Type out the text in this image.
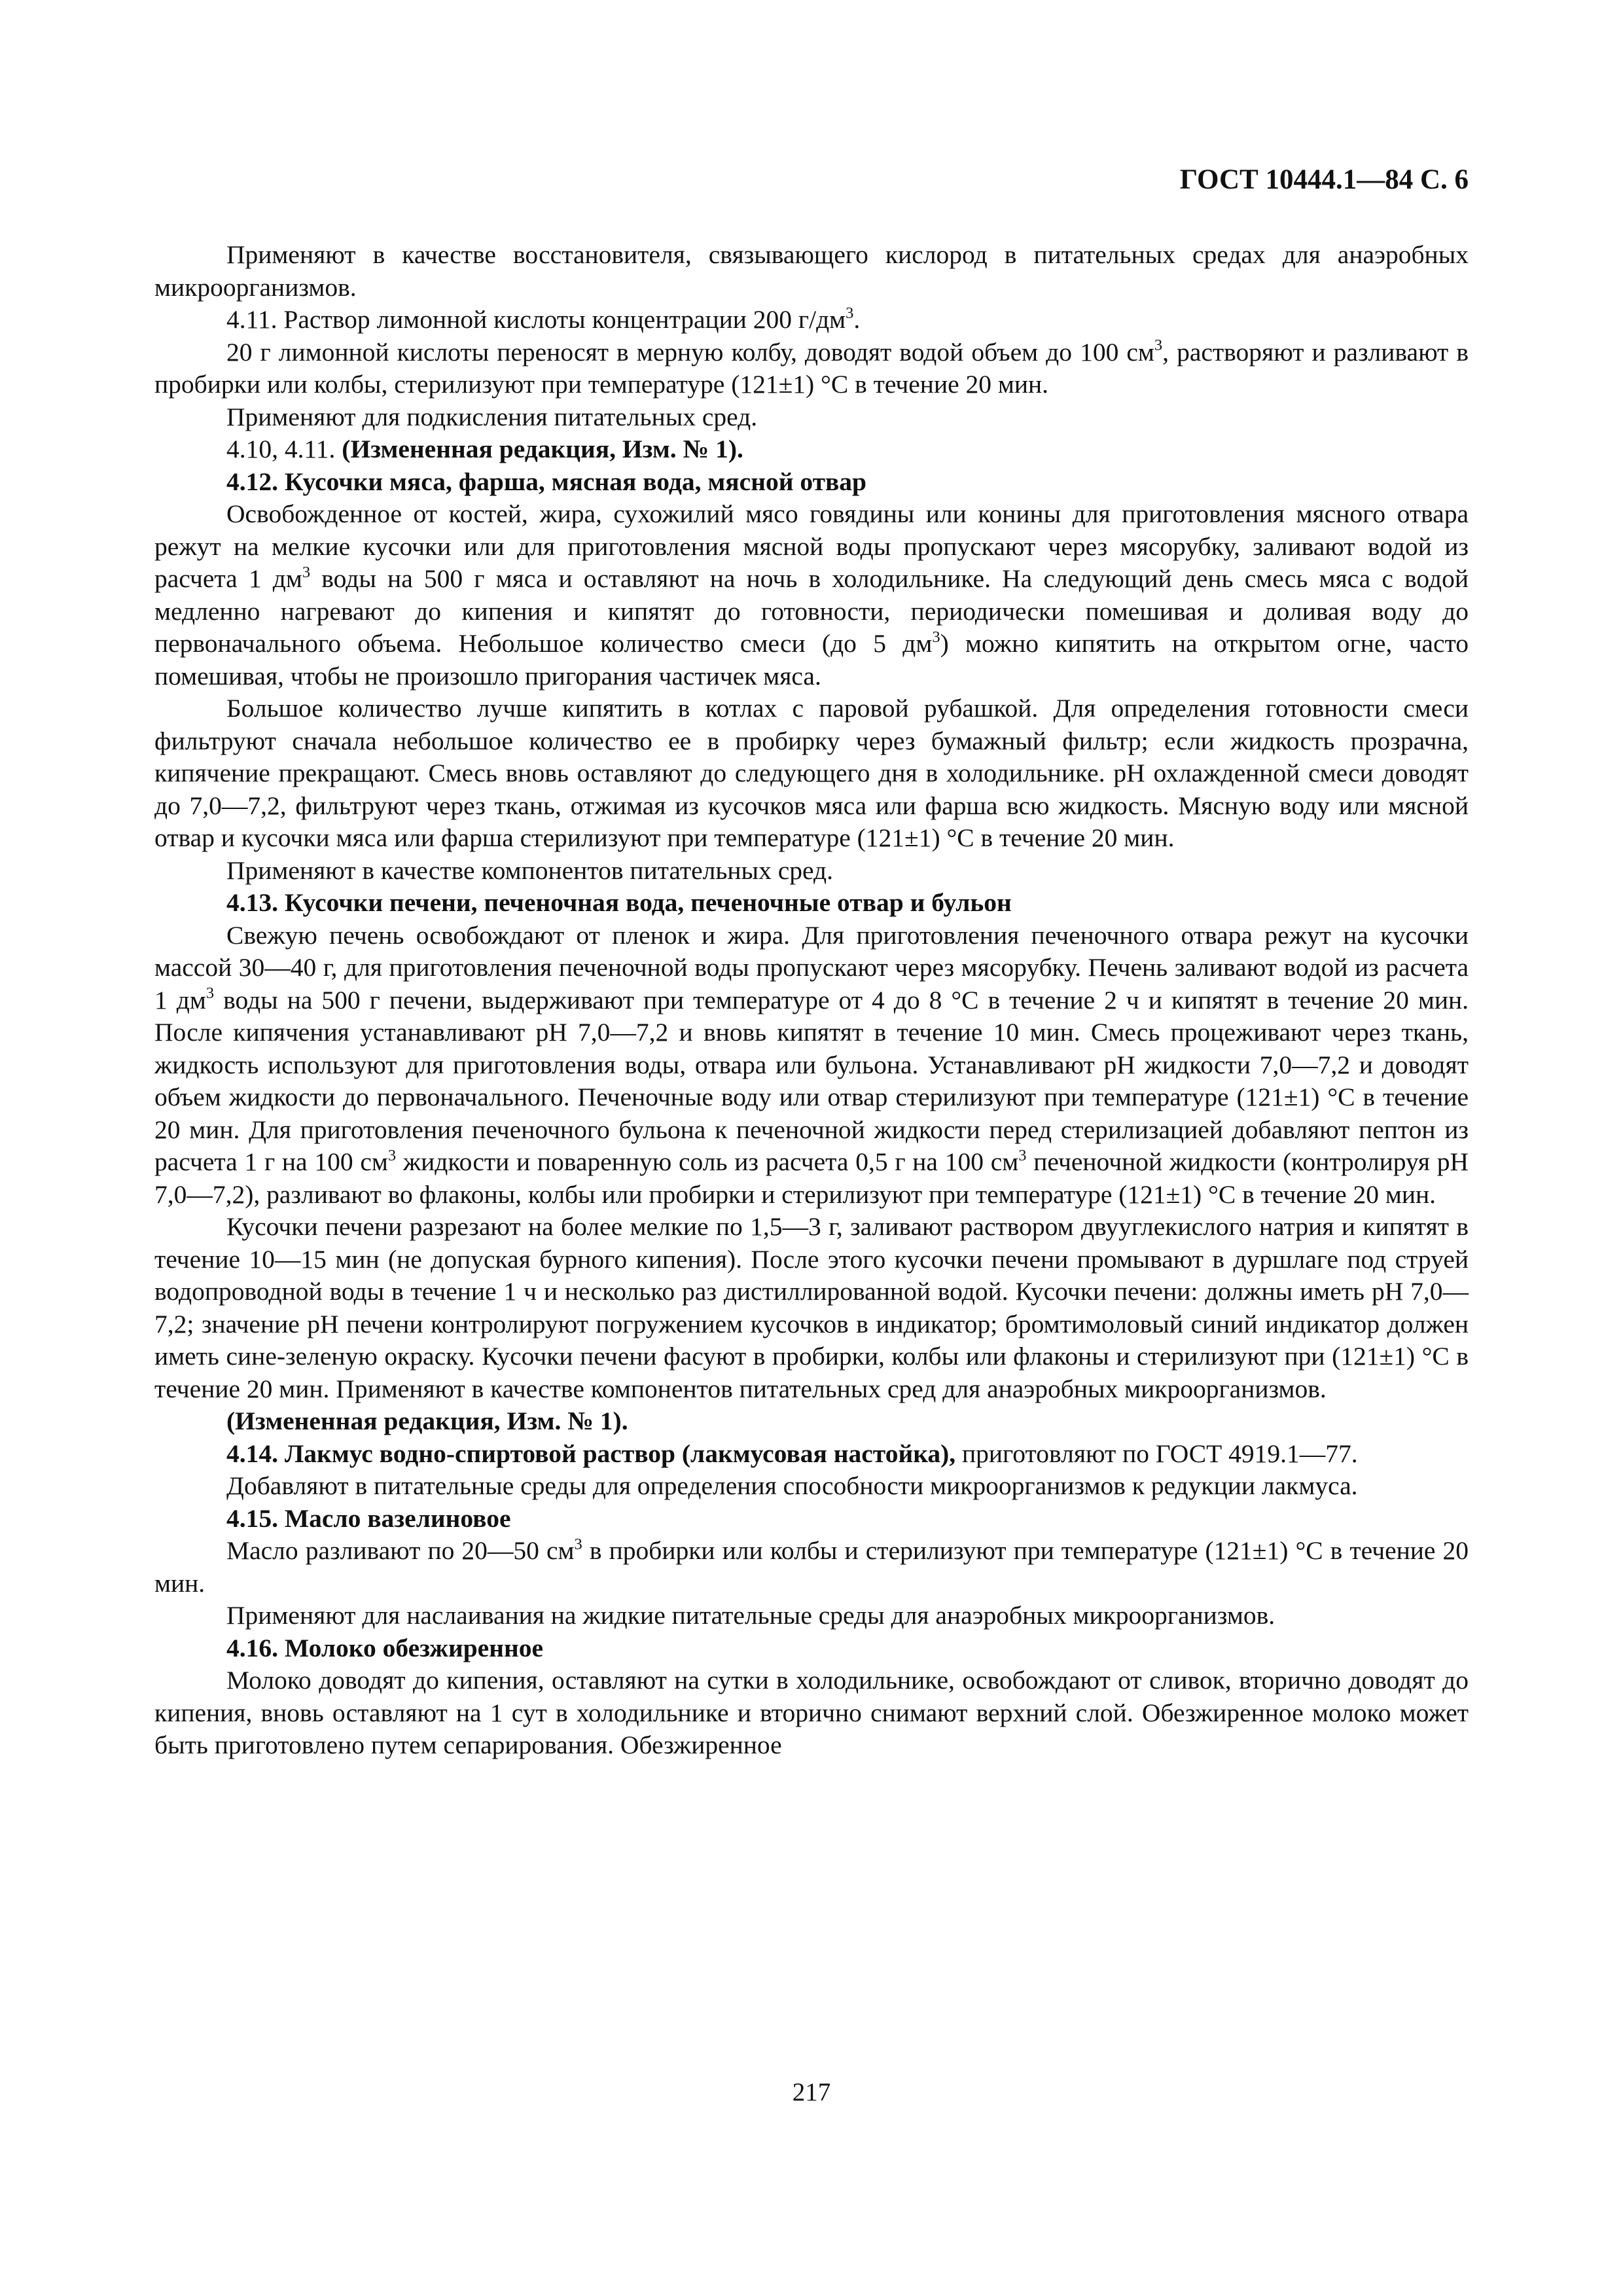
ГОСТ 10444.1—84 С. 6

Применяют в качестве восстановителя, связывающего кислород в питательных средах для анаэробных микроорганизмов.

4.11. Раствор лимонной кислоты концентрации 200 $г/дм^3$.

20 г лимонной кислоты переносят в мерную колбу, доводят водой объем до 100 $см^3$, растворяют и разливают в пробирки или колбы, стерилизуют при температуре (121±1) °С в течение 20 мин.

Применяют для подкисления питательных сред.

4.10, 4.11. (Измененная редакция, Изм. № 1).

4.12. Кусочки мяса, фарша, мясная вода, мясной отвар

Освобожденное от костей, жира, сухожилий мясо говядины или конины для приготовления мясного отвара режут на мелкие кусочки или для приготовления мясной воды пропускают через мясорубку, заливают водой из расчета 1 $дм^3$ воды на 500 г мяса и оставляют на ночь в холодильнике. На следующий день смесь мяса с водой медленно нагревают до кипения и кипятят до готовности, периодически помешивая и доливая воду до первоначального объема. Небольшое количество смеси (до 5 $дм^3$) можно кипятить на открытом огне, часто помешивая, чтобы не произошло пригорания частичек мяса.

Большое количество лучше кипятить в котлах с паровой рубашкой. Для определения готовности смеси фильтруют сначала небольшое количество ее в пробирку через бумажный фильтр; если жидкость прозрачна, кипячение прекращают. Смесь вновь оставляют до следующего дня в холодильнике. рН охлажденной смеси доводят до 7,0—7,2, фильтруют через ткань, отжимая из кусочков мяса или фарша всю жидкость. Мясную воду или мясной отвар и кусочки мяса или фарша стерилизуют при температуре (121±1) °С в течение 20 мин.

Применяют в качестве компонентов питательных сред.

4.13. Кусочки печени, печеночная вода, печеночные отвар и бульон

Свежую печень освобождают от пленок и жира. Для приготовления печеночного отвара режут на кусочки массой 30—40 г, для приготовления печеночной воды пропускают через мясорубку. Печень заливают водой из расчета 1 $дм^3$ воды на 500 г печени, выдерживают при температуре от 4 до 8 °С в течение 2 ч и кипятят в течение 20 мин. После кипячения устанавливают рН 7,0—7,2 и вновь кипятят в течение 10 мин. Смесь процеживают через ткань, жидкость используют для приготовления воды, отвара или бульона. Устанавливают рН жидкости 7,0—7,2 и доводят объем жидкости до первоначального. Печеночные воду или отвар стерилизуют при температуре (121±1) °С в течение 20 мин. Для приготовления печеночного бульона к печеночной жидкости перед стерилизацией добавляют пептон из расчета 1 г на 100 $см^3$ жидкости и поваренную соль из расчета 0,5 г на 100 $см^3$ печеночной жидкости (контролируя рН 7,0—7,2), разливают во флаконы, колбы или пробирки и стерилизуют при температуре (121±1) °С в течение 20 мин.

Кусочки печени разрезают на более мелкие по 1,5—3 г, заливают раствором двууглекислого натрия и кипятят в течение 10—15 мин (не допуская бурного кипения). После этого кусочки печени промывают в дуршлаге под струей водопроводной воды в течение 1 ч и несколько раз дистиллированной водой. Кусочки печени: должны иметь рН 7,0—7,2; значение рН печени контролируют погружением кусочков в индикатор; бромтимоловый синий индикатор должен иметь сине-зеленую окраску. Кусочки печени фасуют в пробирки, колбы или флаконы и стерилизуют при (121±1) °С в течение 20 мин. Применяют в качестве компонентов питательных сред для анаэробных микроорганизмов.

(Измененная редакция, Изм. № 1).

4.14. Лакмус водно-спиртовой раствор (лакмусовая настойка), приготовляют по ГОСТ 4919.1—77.

Добавляют в питательные среды для определения способности микроорганизмов к редукции лакмуса.

4.15. Масло вазелиновое

Масло разливают по 20—50 $см^3$ в пробирки или колбы и стерилизуют при температуре (121±1) °С в течение 20 мин.

Применяют для наслаивания на жидкие питательные среды для анаэробных микроорганизмов.

4.16. Молоко обезжиренное

Молоко доводят до кипения, оставляют на сутки в холодильнике, освобождают от сливок, вторично доводят до кипения, вновь оставляют на 1 сут в холодильнике и вторично снимают верхний слой. Обезжиренное молоко может быть приготовлено путем сепарирования. Обезжиренное

217
